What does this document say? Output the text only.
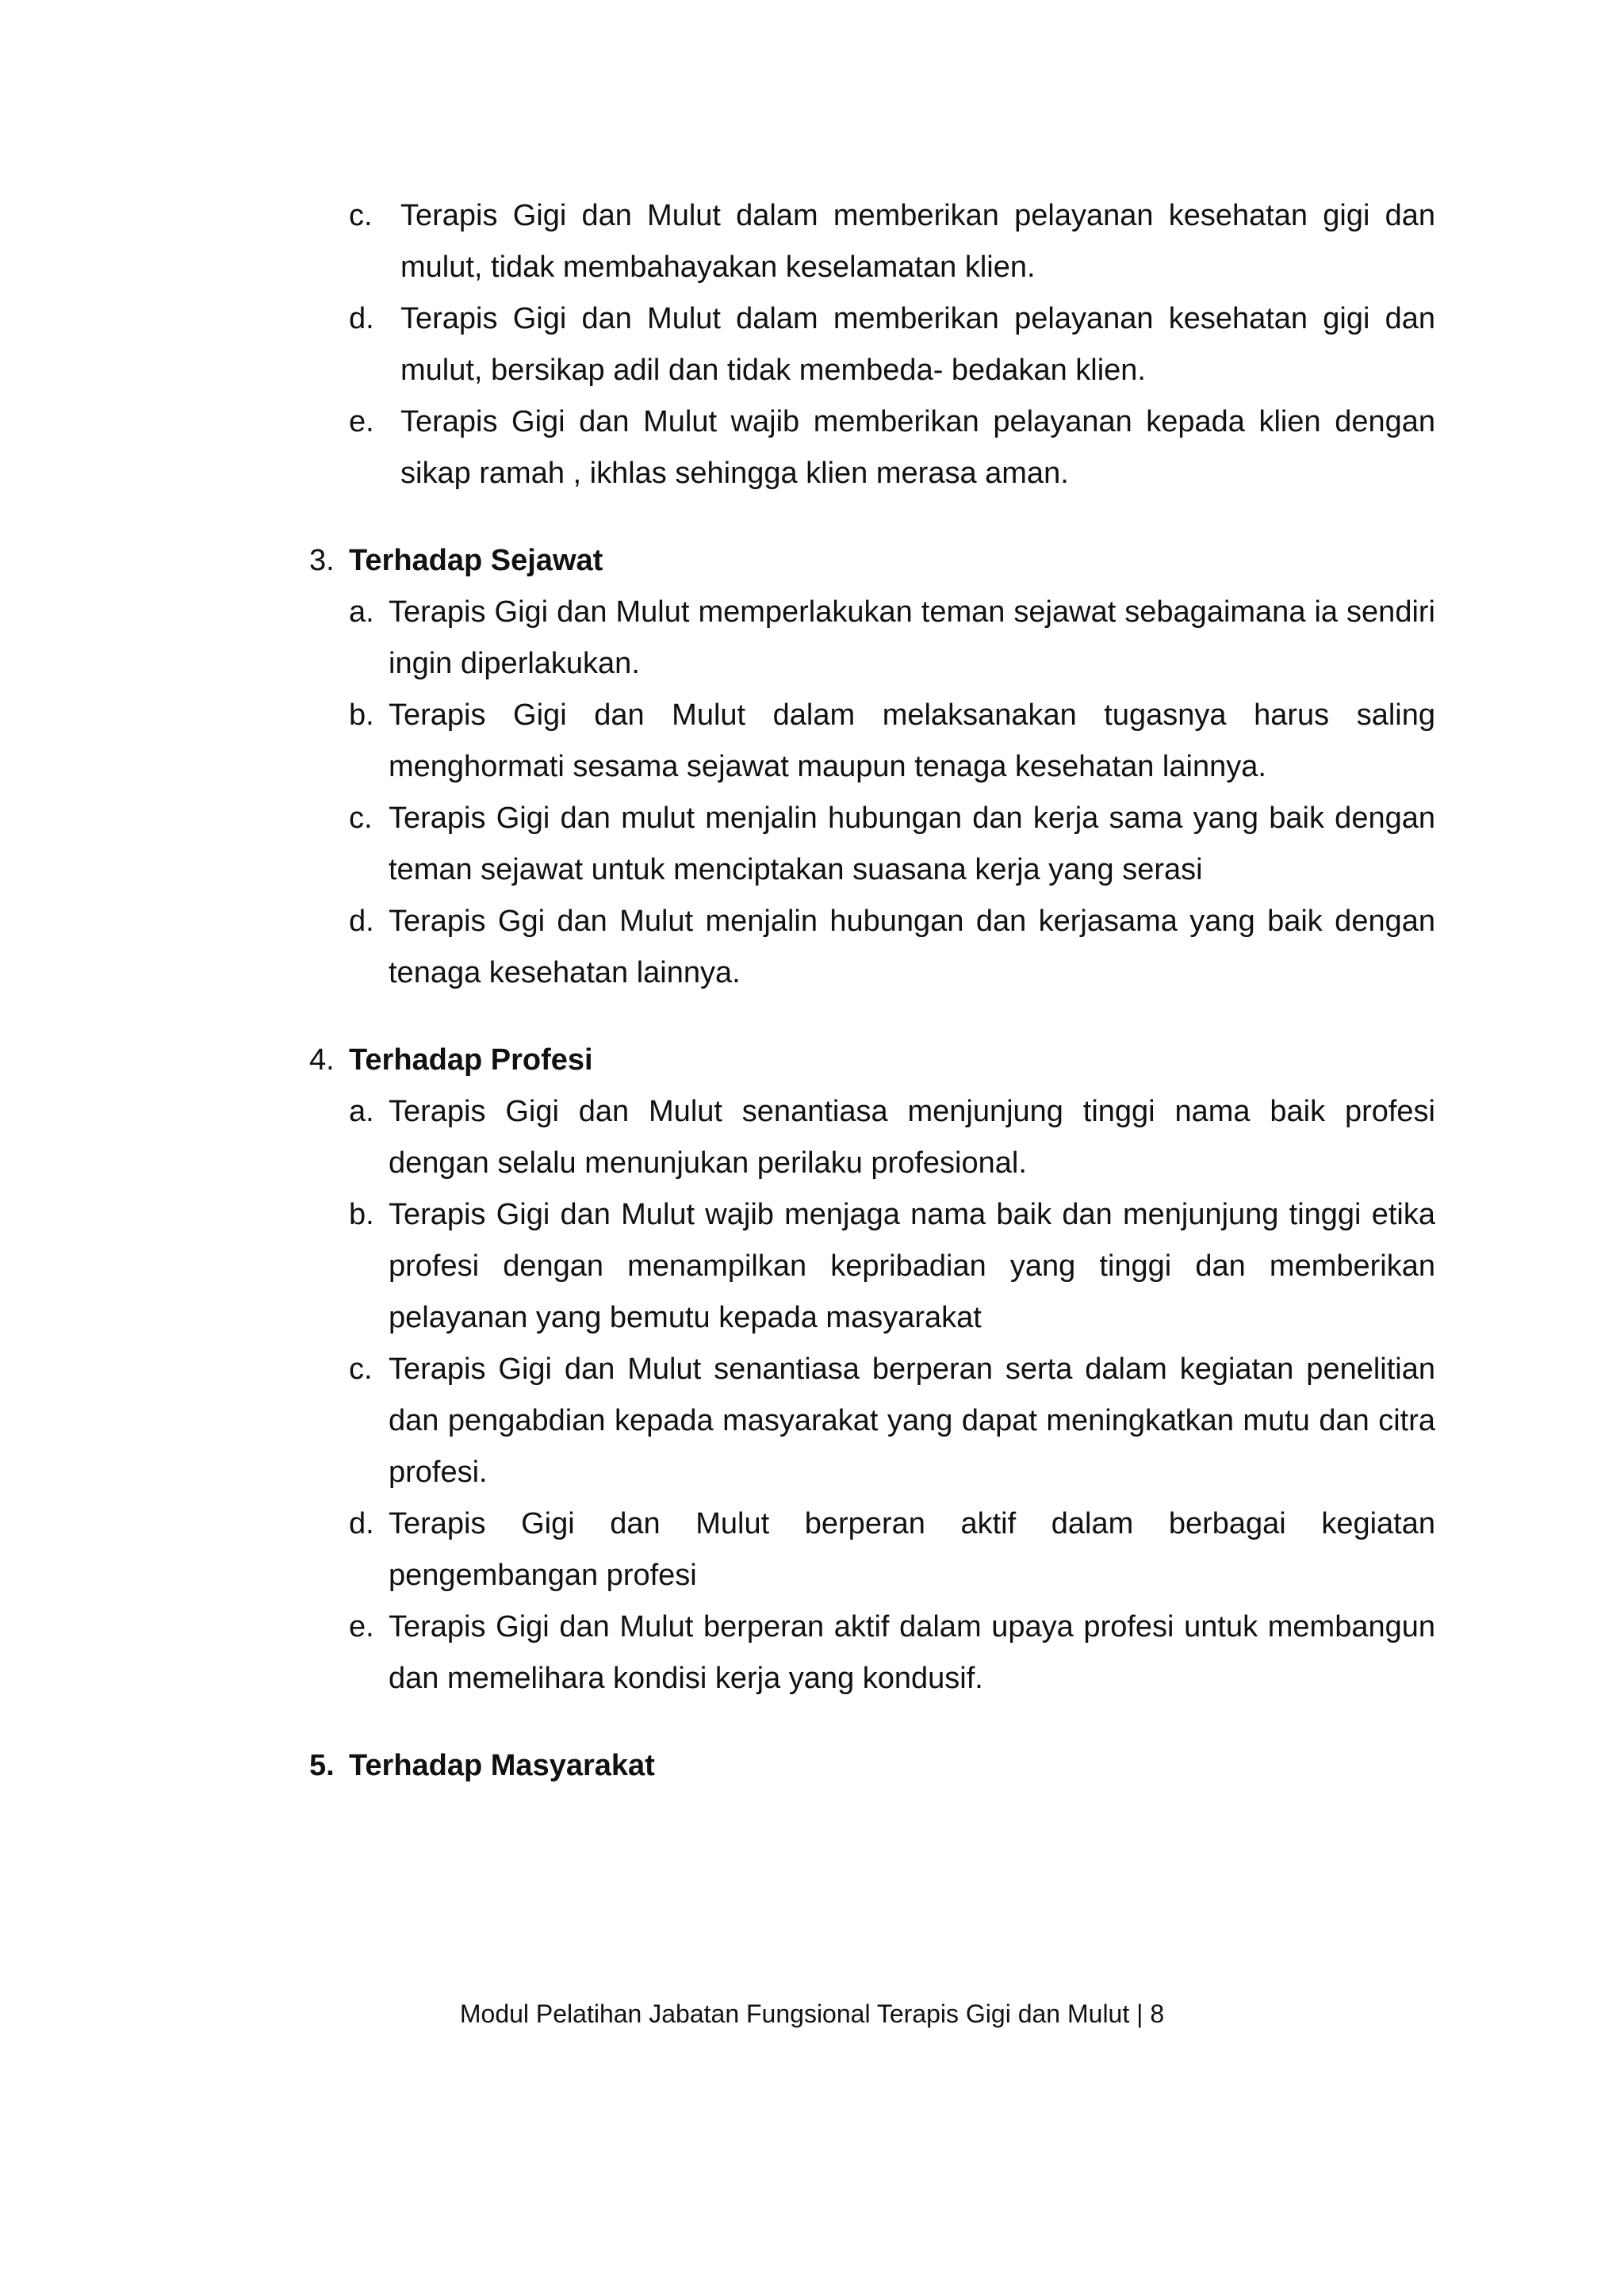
c. Terapis Gigi dan Mulut dalam memberikan pelayanan kesehatan gigi dan mulut, tidak membahayakan keselamatan klien.
d. Terapis Gigi dan Mulut dalam memberikan pelayanan kesehatan gigi dan mulut, bersikap adil dan tidak membeda- bedakan klien.
e. Terapis Gigi dan Mulut wajib memberikan pelayanan kepada klien dengan sikap ramah , ikhlas sehingga klien merasa aman.
3. Terhadap Sejawat
a. Terapis Gigi dan Mulut memperlakukan teman sejawat sebagaimana ia sendiri ingin diperlakukan.
b. Terapis Gigi dan Mulut dalam melaksanakan tugasnya harus saling menghormati sesama sejawat maupun tenaga kesehatan lainnya.
c. Terapis Gigi dan mulut menjalin hubungan dan kerja sama yang baik dengan teman sejawat untuk menciptakan suasana kerja yang serasi
d. Terapis Ggi dan Mulut menjalin hubungan dan kerjasama yang baik dengan tenaga kesehatan lainnya.
4. Terhadap Profesi
a. Terapis Gigi dan Mulut senantiasa menjunjung tinggi nama baik profesi dengan selalu menunjukan perilaku profesional.
b. Terapis Gigi dan Mulut wajib menjaga nama baik dan menjunjung tinggi etika profesi dengan menampilkan kepribadian yang tinggi dan memberikan pelayanan yang bemutu kepada masyarakat
c. Terapis Gigi dan Mulut senantiasa berperan serta dalam kegiatan penelitian dan pengabdian kepada masyarakat yang dapat meningkatkan mutu dan citra profesi.
d. Terapis Gigi dan Mulut berperan aktif dalam berbagai kegiatan pengembangan profesi
e. Terapis Gigi dan Mulut berperan aktif dalam upaya profesi untuk membangun dan memelihara kondisi kerja yang kondusif.
5. Terhadap Masyarakat
Modul Pelatihan Jabatan Fungsional Terapis Gigi dan Mulut | 8
